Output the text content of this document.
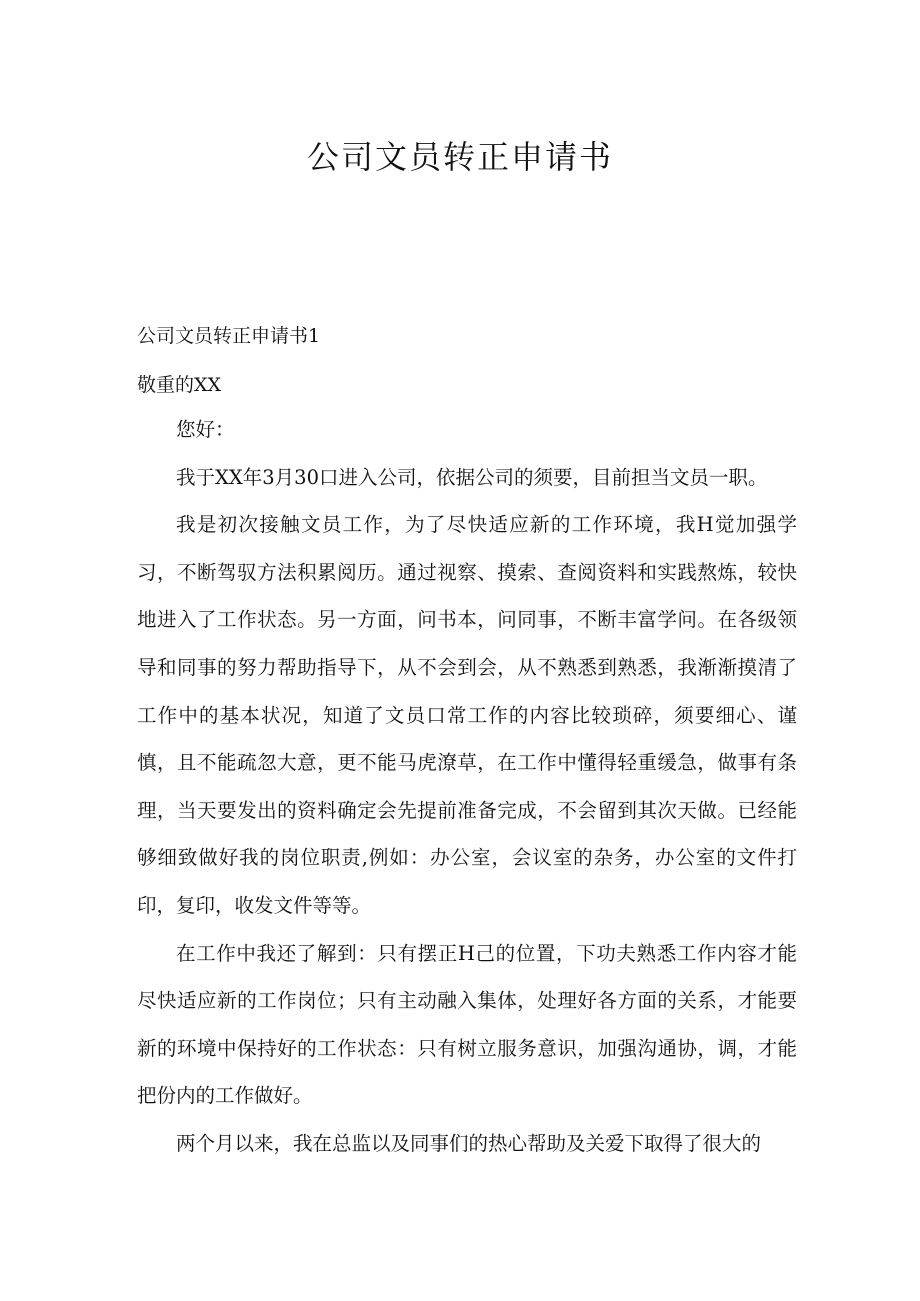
公司文员转正申请书

公司文员转正申请书1

敬重的XX

您好：

我于XX年3月30口进入公司，依据公司的须要，目前担当文员一职。

我是初次接触文员工作，为了尽快适应新的工作环境，我H觉加强学习，不断驾驭方法积累阅历。通过视察、摸索、查阅资料和实践熬炼，较快地进入了工作状态。另一方面，问书本，问同事，不断丰富学问。在各级领导和同事的努力帮助指导下，从不会到会，从不熟悉到熟悉，我渐渐摸清了工作中的基本状况，知道了文员口常工作的内容比较琐碎，须要细心、谨慎，且不能疏忽大意，更不能马虎潦草，在工作中懂得轻重缓急，做事有条理，当天要发出的资料确定会先提前准备完成，不会留到其次天做。已经能够细致做好我的岗位职责,例如：办公室，会议室的杂务，办公室的文件打印，复印，收发文件等等。

在工作中我还了解到：只有摆正H己的位置，下功夫熟悉工作内容才能尽快适应新的工作岗位；只有主动融入集体，处理好各方面的关系，才能要新的环境中保持好的工作状态：只有树立服务意识，加强沟通协，调，才能把份内的工作做好。

两个月以来，我在总监以及同事们的热心帮助及关爱下取得了很大的
